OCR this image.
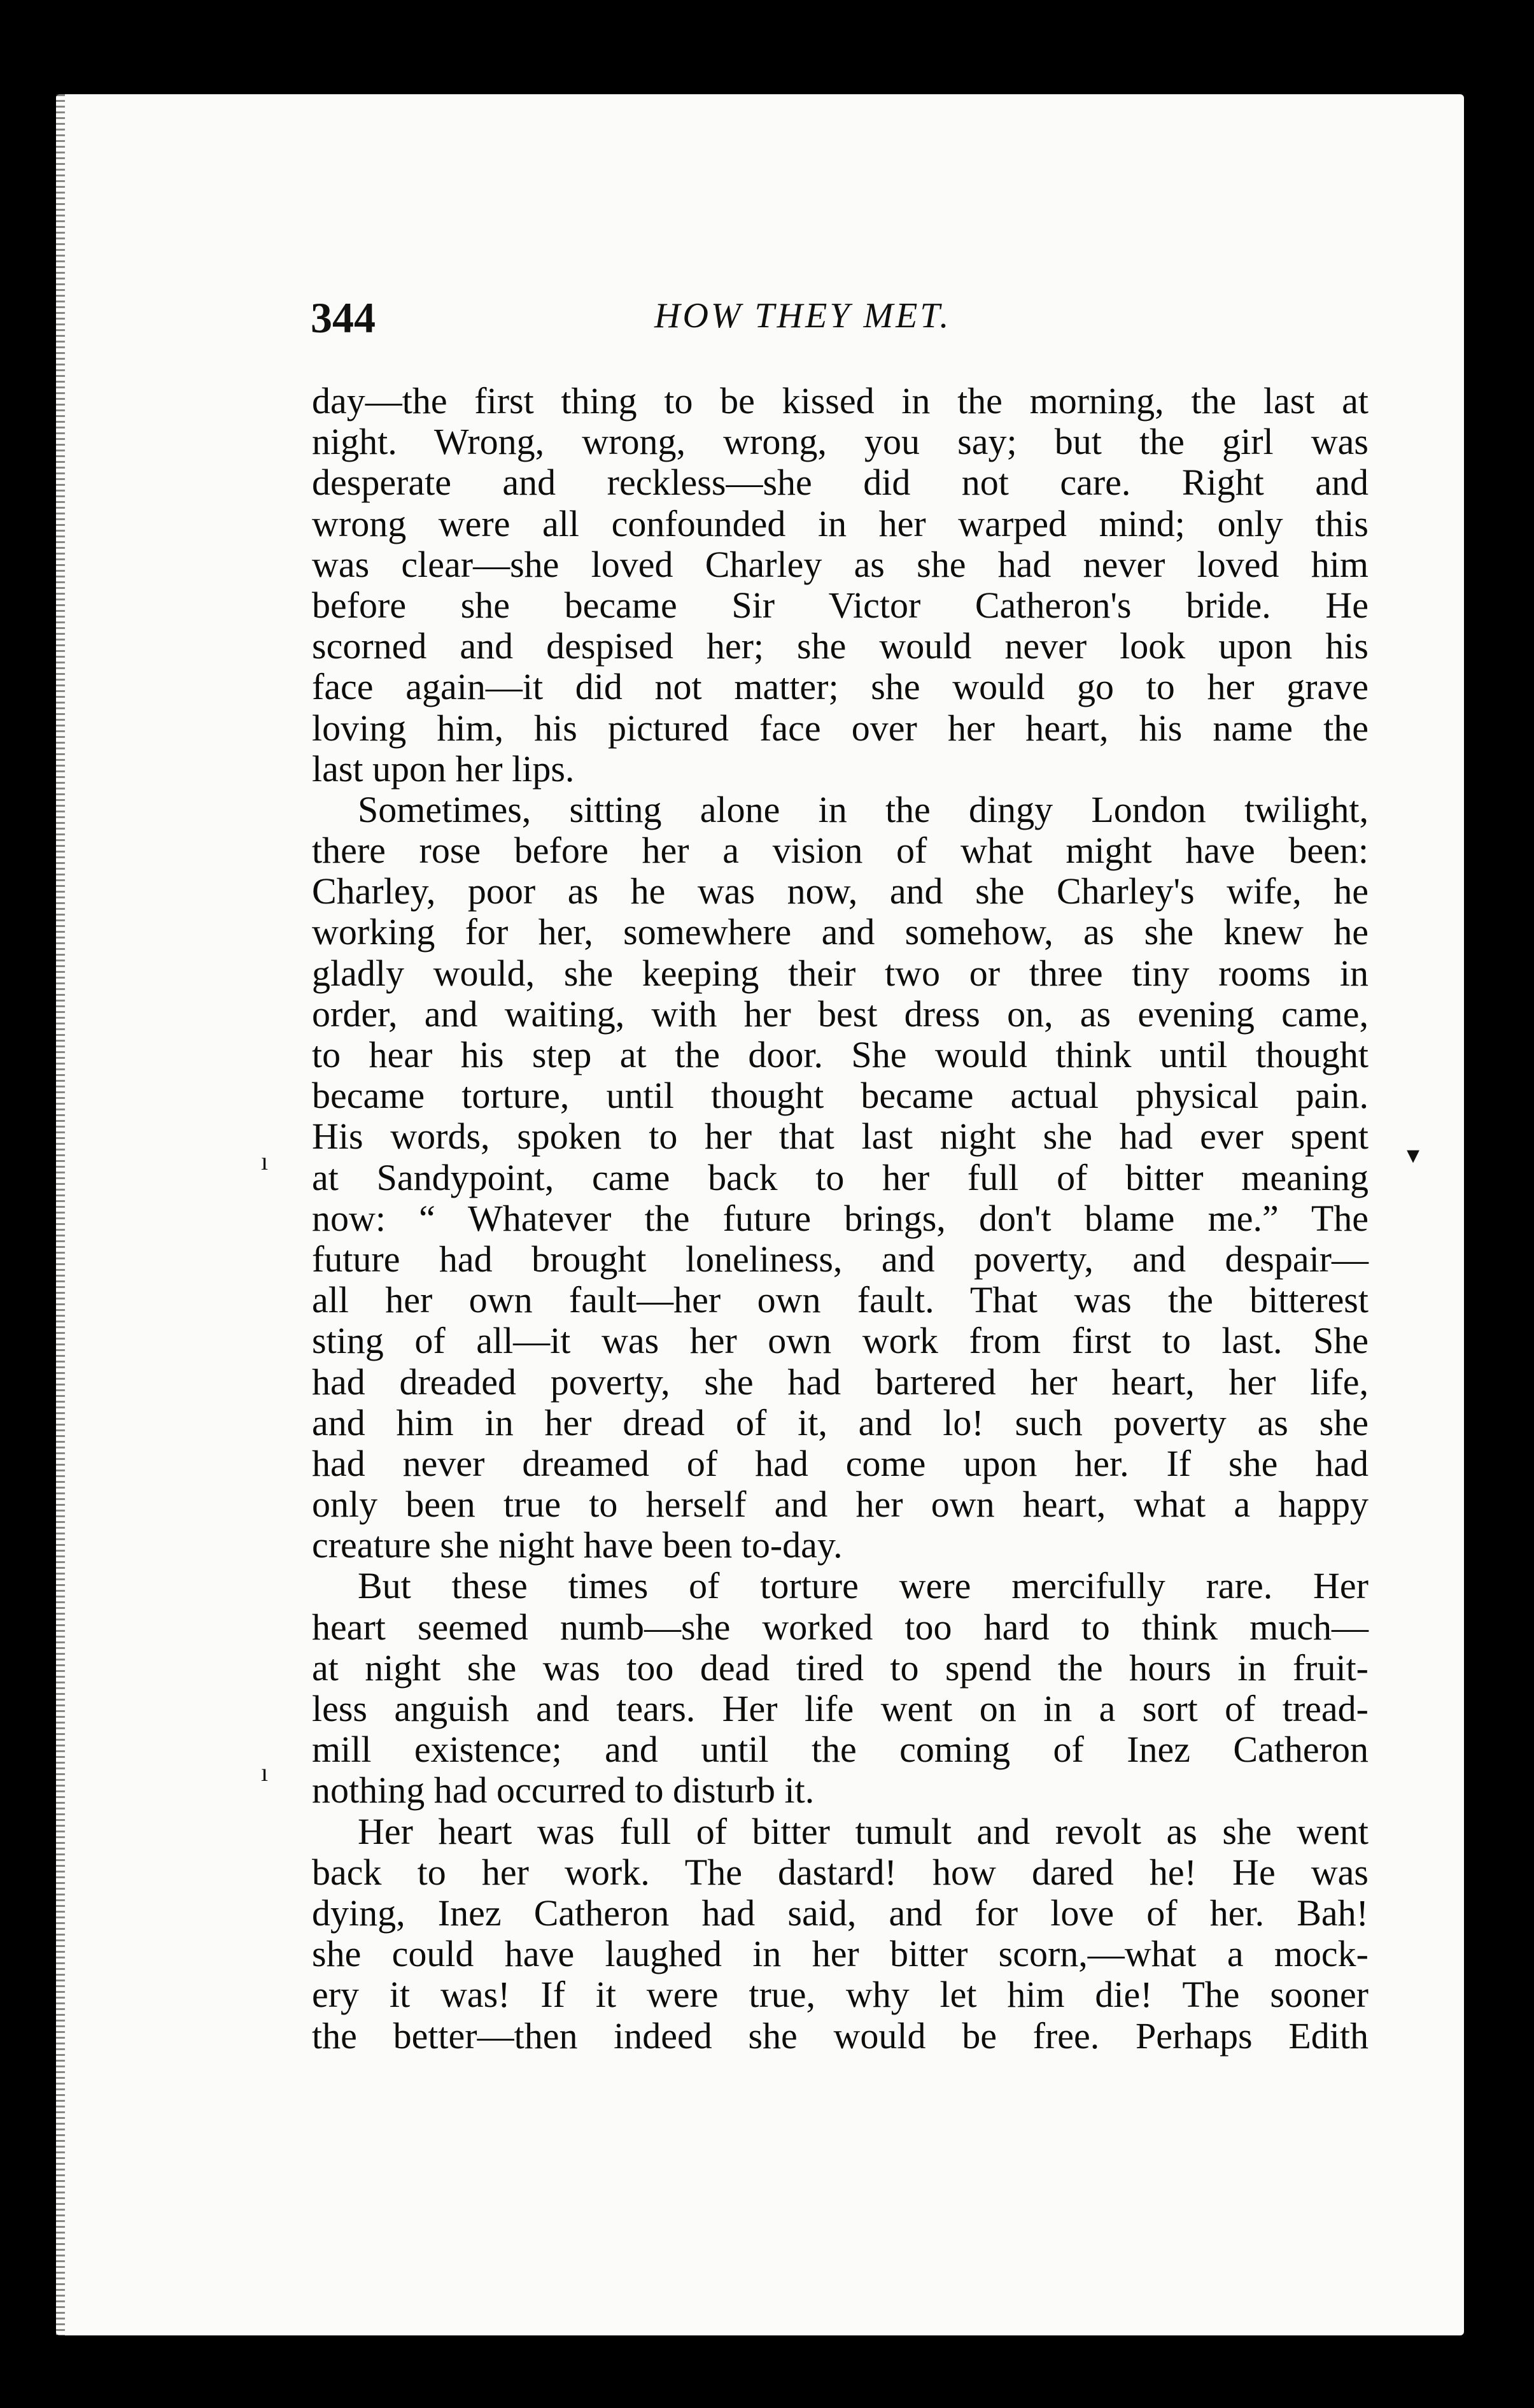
344	HOW THEY MET.
day—the first thing to be kissed in the morning, the last at
night. Wrong, wrong, wrong, you say; but the girl was
desperate and reckless—she did not care. Right and
wrong were all confounded in her warped mind; only this
was clear—she loved Charley as she had never loved him
before she became Sir Victor Catheron's bride. He
scorned and despised her; she would never look upon his
face again—it did not matter; she would go to her grave
loving him, his pictured face over her heart, his name the
last upon her lips.
Sometimes, sitting alone in the dingy London twilight,
there rose before her a vision of what might have been:
Charley, poor as he was now, and she Charley's wife, he
working for her, somewhere and somehow, as she knew he
gladly would, she keeping their two or three tiny rooms in
order, and waiting, with her best dress on, as evening came,
to hear his step at the door. She would think until thought
became torture, until thought became actual physical pain.
His words, spoken to her that last night she had ever spent
at Sandypoint, came back to her full of bitter meaning
now: “ Whatever the future brings, don't blame me.” The
future had brought loneliness, and poverty, and despair—
all her own fault—her own fault. That was the bitterest
sting of all—it was her own work from first to last. She
had dreaded poverty, she had bartered her heart, her life,
and him in her dread of it, and lo! such poverty as she
had never dreamed of had come upon her. If she had
only been true to herself and her own heart, what a happy
creature she night have been to-day.
But these times of torture were mercifully rare. Her
heart seemed numb—she worked too hard to think much—
at night she was too dead tired to spend the hours in fruit-
less anguish and tears. Her life went on in a sort of tread-
mill existence; and until the coming of Inez Catheron
nothing had occurred to disturb it.
Her heart was full of bitter tumult and revolt as she went
back to her work. The dastard! how dared he! He was
dying, Inez Catheron had said, and for love of her. Bah!
she could have laughed in her bitter scorn,—what a mock-
ery it was! If it were true, why let him die! The sooner
the better—then indeed she would be free. Perhaps Edith
▾
ı
ı
